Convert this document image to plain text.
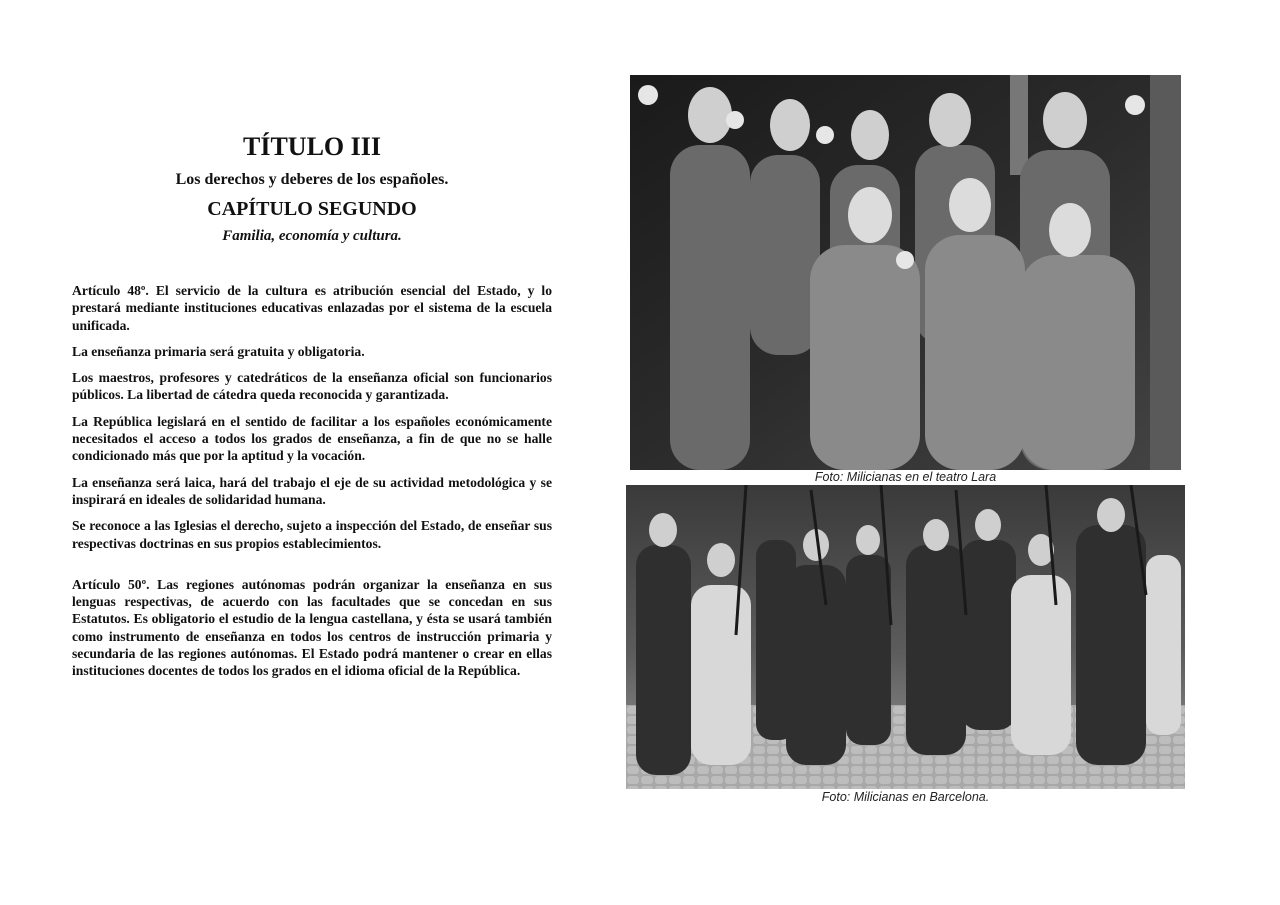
TÍTULO III
Los derechos y deberes de los españoles.
CAPÍTULO SEGUNDO
Familia, economía y cultura.

Artículo 48º. El servicio de la cultura es atribución esencial del Estado, y lo prestará mediante instituciones educativas enlazadas por el sistema de la escuela unificada.

La enseñanza primaria será gratuita y obligatoria.

Los maestros, profesores y catedráticos de la enseñanza oficial son funcionarios públicos. La libertad de cátedra queda reconocida y garantizada.

La República legislará en el sentido de facilitar a los españoles económicamente necesitados el acceso a todos los grados de enseñanza, a fin de que no se halle condicionado más que por la aptitud y la vocación.

La enseñanza será laica, hará del trabajo el eje de su actividad metodológica y se inspirará en ideales de solidaridad humana.

Se reconoce a las Iglesias el derecho, sujeto a inspección del Estado, de enseñar sus respectivas doctrinas en sus propios establecimientos.

Artículo 50º. Las regiones autónomas podrán organizar la enseñanza en sus lenguas respectivas, de acuerdo con las facultades que se concedan en sus Estatutos. Es obligatorio el estudio de la lengua castellana, y ésta se usará también como instrumento de enseñanza en todos los centros de instrucción primaria y secundaria de las regiones autónomas. El Estado podrá mantener o crear en ellas instituciones docentes de todos los grados en el idioma oficial de la República.

Foto: Milicianas en el teatro Lara
Foto: Milicianas en Barcelona.
